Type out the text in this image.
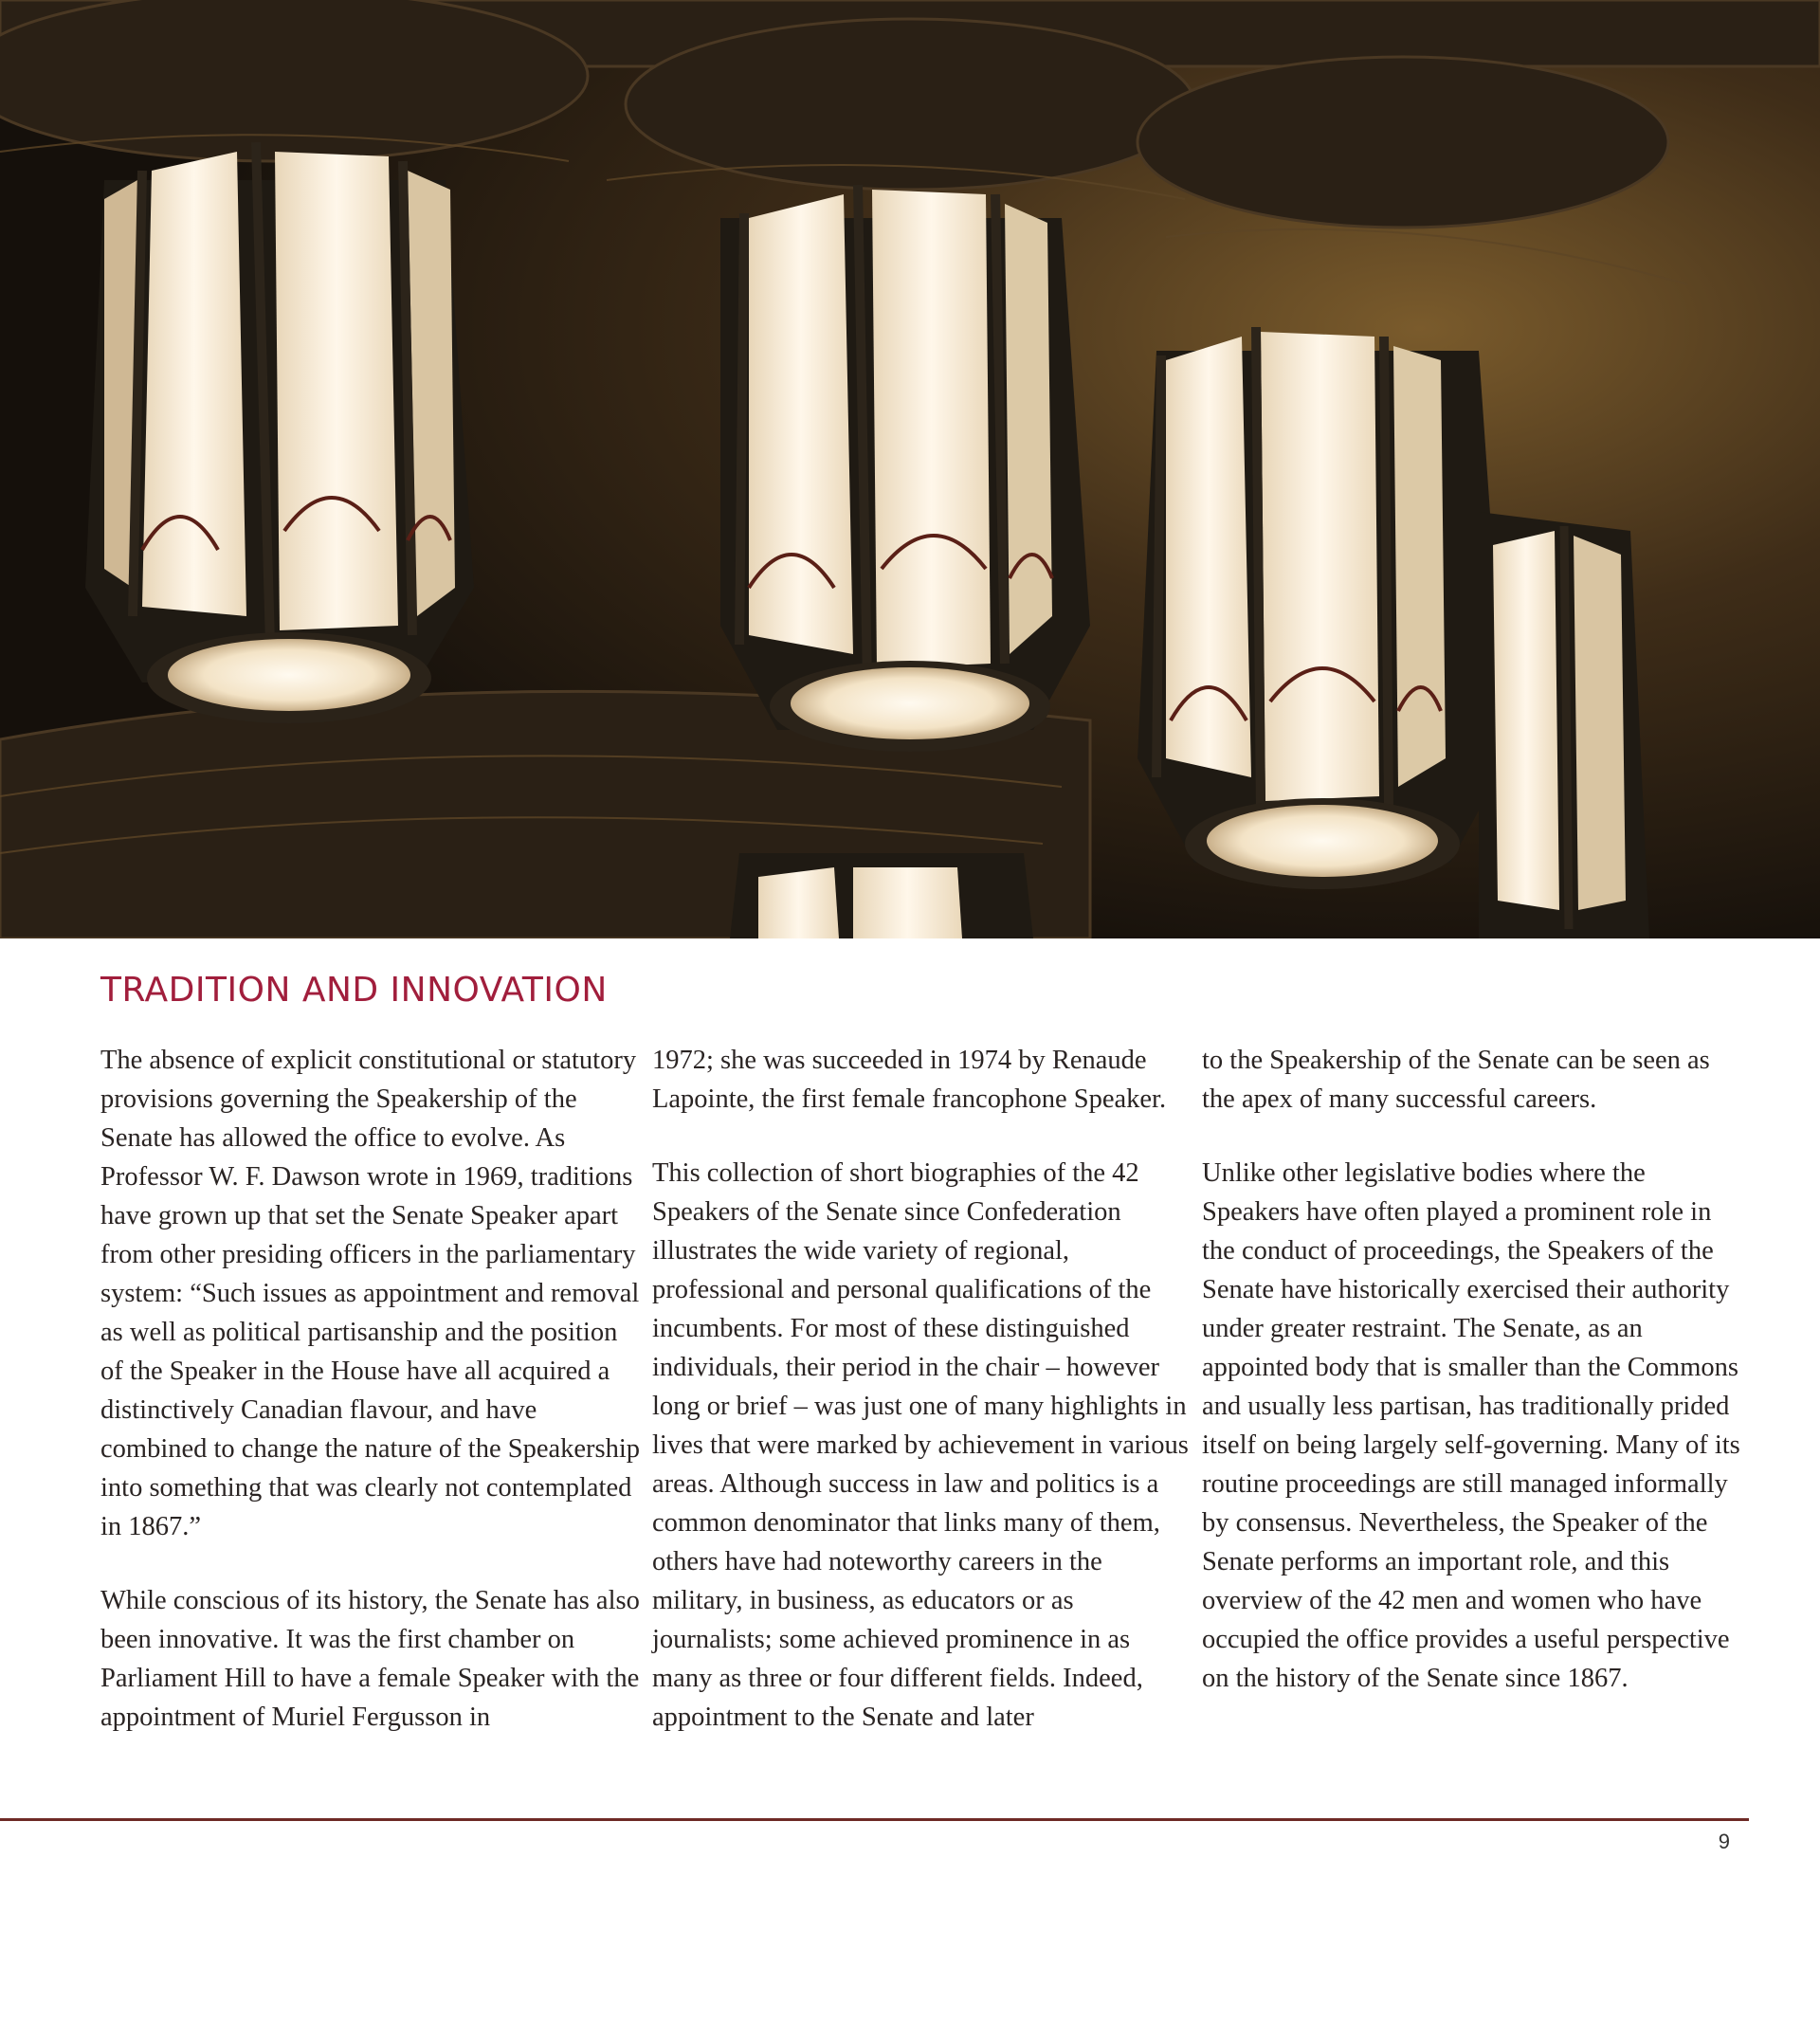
TRADITION AND INNOVATION

The absence of explicit constitutional or statutory provisions governing the Speakership of the Senate has allowed the office to evolve. As Professor W. F. Dawson wrote in 1969, traditions have grown up that set the Senate Speaker apart from other presiding officers in the parliamentary system: “Such issues as appointment and removal as well as political partisanship and the position of the Speaker in the House have all acquired a distinctively Canadian flavour, and have combined to change the nature of the Speakership into something that was clearly not contemplated in 1867.”

While conscious of its history, the Senate has also been innovative. It was the first chamber on Parliament Hill to have a female Speaker with the appointment of Muriel Fergusson in

1972; she was succeeded in 1974 by Renaude Lapointe, the first female francophone Speaker.

This collection of short biographies of the 42 Speakers of the Senate since Confederation illustrates the wide variety of regional, professional and personal qualifications of the incumbents. For most of these distinguished individuals, their period in the chair – however long or brief – was just one of many highlights in lives that were marked by achievement in various areas. Although success in law and politics is a common denominator that links many of them, others have had noteworthy careers in the military, in business, as educators or as journalists; some achieved prominence in as many as three or four different fields. Indeed, appointment to the Senate and later

to the Speakership of the Senate can be seen as the apex of many successful careers.

Unlike other legislative bodies where the Speakers have often played a prominent role in the conduct of proceedings, the Speakers of the Senate have historically exercised their authority under greater restraint. The Senate, as an appointed body that is smaller than the Commons and usually less partisan, has traditionally prided itself on being largely self-governing. Many of its routine proceedings are still managed informally by consensus. Nevertheless, the Speaker of the Senate performs an important role, and this overview of the 42 men and women who have occupied the office provides a useful perspective on the history of the Senate since 1867.

9
